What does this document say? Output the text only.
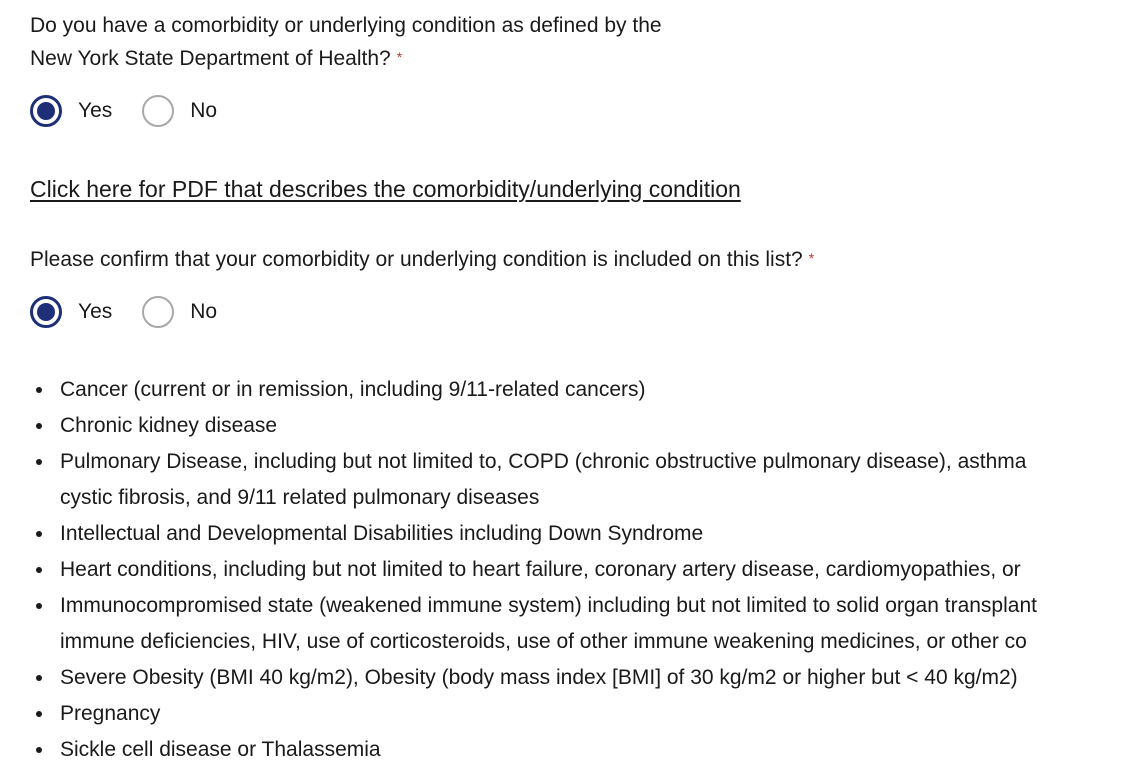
Do you have a comorbidity or underlying condition as defined by the
New York State Department of Health? *
Yes	No
Click here for PDF that describes the comorbidity/underlying condition
Please confirm that your comorbidity or underlying condition is included on this list? *
Yes	No
Cancer (current or in remission, including 9/11-related cancers)
Chronic kidney disease
Pulmonary Disease, including but not limited to, COPD (chronic obstructive pulmonary disease), asthma
cystic fibrosis, and 9/11 related pulmonary diseases
Intellectual and Developmental Disabilities including Down Syndrome
Heart conditions, including but not limited to heart failure, coronary artery disease, cardiomyopathies, or
Immunocompromised state (weakened immune system) including but not limited to solid organ transplant
immune deficiencies, HIV, use of corticosteroids, use of other immune weakening medicines, or other co
Severe Obesity (BMI 40 kg/m2), Obesity (body mass index [BMI] of 30 kg/m2 or higher but < 40 kg/m2)
Pregnancy
Sickle cell disease or Thalassemia
